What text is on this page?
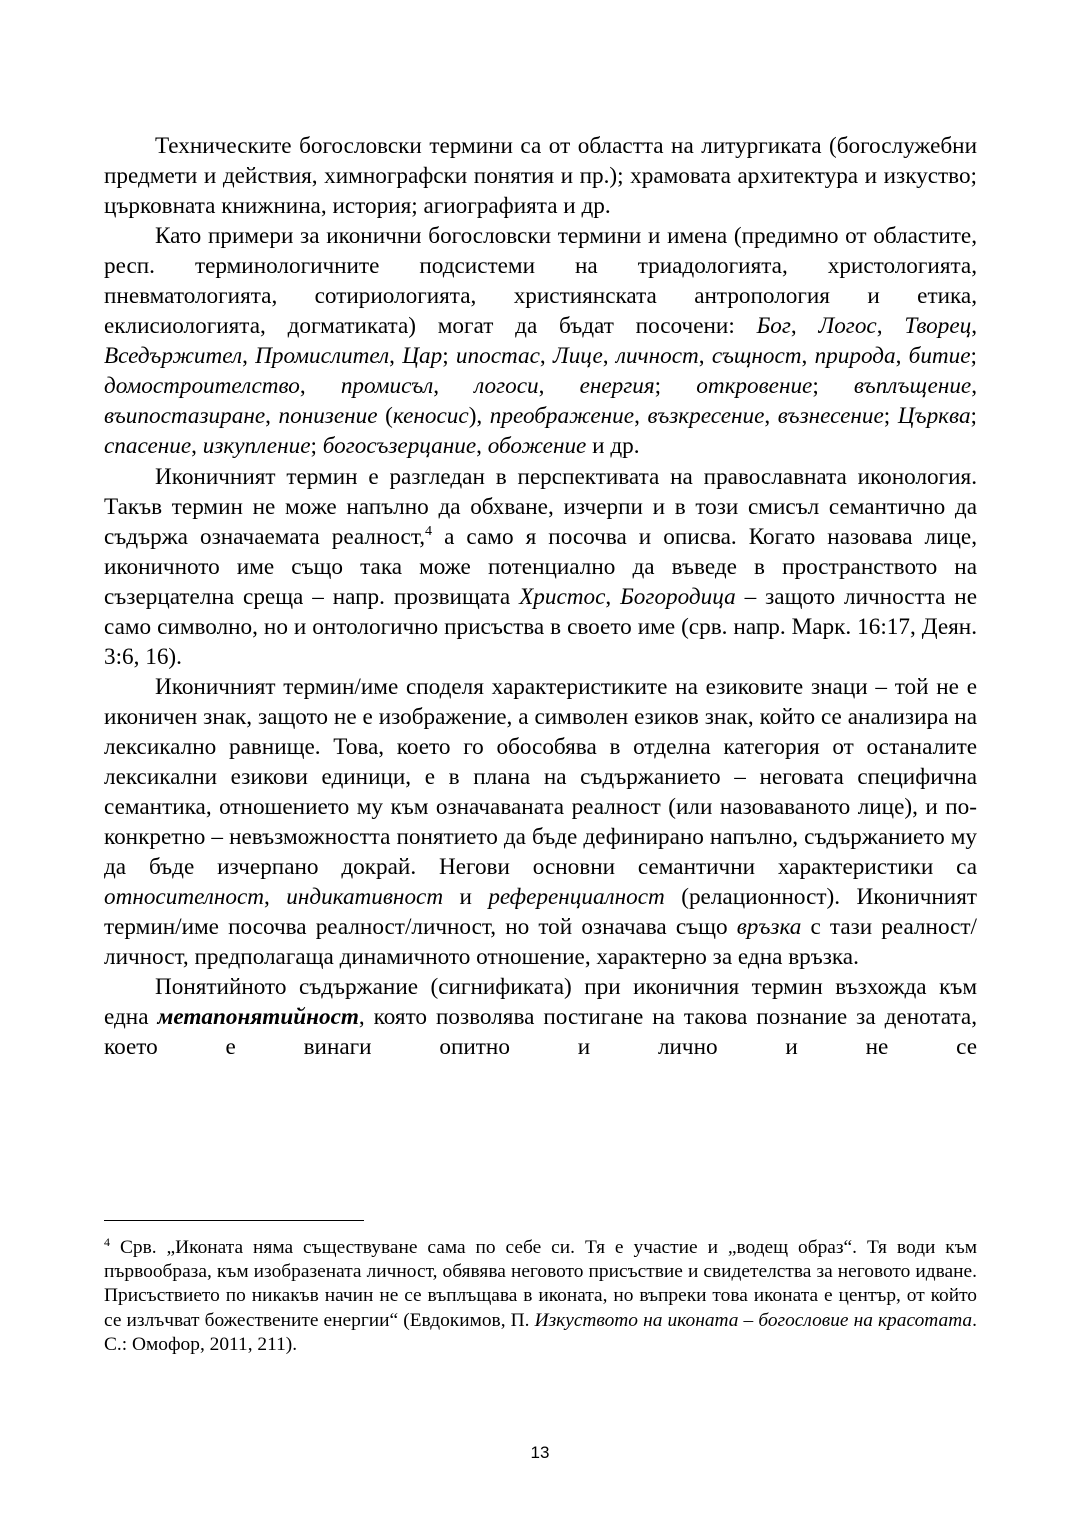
Техническите богословски термини са от областта на литургиката (богослужебни предмети и действия, химнографски понятия и пр.); храмовата архитектура и изкуство; църковната книжнина, история; агиографията и др.

Като примери за иконични богословски термини и имена (предимно от областите, респ. терминологичните подсистеми на триадологията, христологията, пневматологията, сотириологията, християнската антропология и етика, еклисиологията, догматиката) могат да бъдат посочени: Бог, Логос, Творец, Вседържител, Промислител, Цар; ипостас, Лице, личност, същност, природа, битие; домостроителство, промисъл, логоси, енергия; откровение; въплъщение, въипостазиране, понизение (кеносис), преображение, възкресение, възнесение; Църква; спасение, изкупление; богосъзерцание, обожение и др.

Иконичният термин е разгледан в перспективата на православната иконология. Такъв термин не може напълно да обхване, изчерпи и в този смисъл семантично да съдържа означаемата реалност,$^4$ а само я посочва и описва. Когато назовава лице, иконичното име също така може потенциално да въведе в пространството на съзерцателна среща – напр. прозвищата Христос, Богородица – защото личността не само символно, но и онтологично присъства в своето име (срв. напр. Марк. 16:17, Деян. 3:6, 16).

Иконичният термин/име споделя характеристиките на езиковите знаци – той не е иконичен знак, защото не е изображение, а символен езиков знак, който се анализира на лексикално равнище. Това, което го обособява в отделна категория от останалите лексикални езикови единици, е в плана на съдържанието – неговата специфична семантика, отношението му към означаваната реалност (или назоваваното лице), и по-конкретно – невъзможността понятието да бъде дефинирано напълно, съдържанието му да бъде изчерпано докрай. Негови основни семантични характеристики са относителност, индикативност и референциалност (релационност). Иконичният термин/име посочва реалност/личност, но той означава също връзка с тази реалност/личност, предполагаща динамичното отношение, характерно за една връзка.

Понятийното съдържание (сигнификата) при иконичния термин възхожда към една метапонятийност, която позволява постигане на такова познание за денотата, което е винаги опитно и лично и не се

$^4$ Срв. „Иконата няма съществуване сама по себе си. Тя е участие и „водещ образ“. Тя води към първообраза, към изобразената личност, обявява неговото присъствие и свидетелства за неговото идване. Присъствието по никакъв начин не се въплъщава в иконата, но въпреки това иконата е център, от който се излъчват божествените енергии“ (Евдокимов, П. Изкуството на иконата – богословие на красотата. С.: Омофор, 2011, 211).

13
